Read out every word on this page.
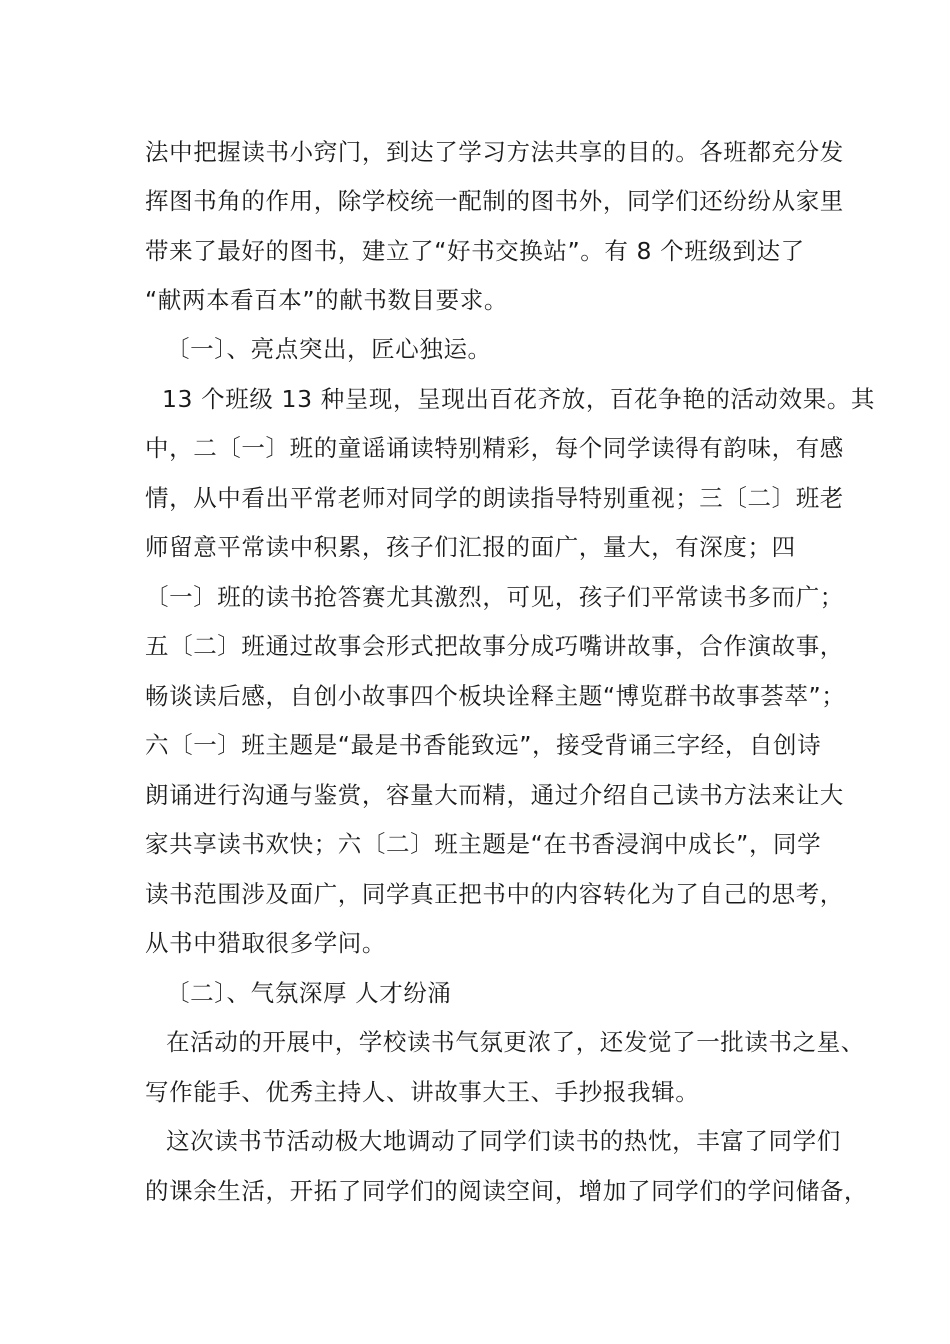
法中把握读书小窍门，到达了学习方法共享的目的。各班都充分发
挥图书角的作用，除学校统一配制的图书外，同学们还纷纷从家里
带来了最好的图书，建立了“好书交换站”。有 8 个班级到达了
“献两本看百本”的献书数目要求。
〔一〕、亮点突出，匠心独运。
13 个班级 13 种呈现，呈现出百花齐放，百花争艳的活动效果。其
中，二〔一〕班的童谣诵读特别精彩，每个同学读得有韵味，有感
情，从中看出平常老师对同学的朗读指导特别重视；三〔二〕班老
师留意平常读中积累，孩子们汇报的面广，量大，有深度；四
〔一〕班的读书抢答赛尤其激烈，可见，孩子们平常读书多而广；
五〔二〕班通过故事会形式把故事分成巧嘴讲故事，合作演故事，
畅谈读后感，自创小故事四个板块诠释主题“博览群书故事荟萃”；
六〔一〕班主题是“最是书香能致远”，接受背诵三字经，自创诗
朗诵进行沟通与鉴赏，容量大而精，通过介绍自己读书方法来让大
家共享读书欢快；六〔二〕班主题是“在书香浸润中成长”，同学
读书范围涉及面广，同学真正把书中的内容转化为了自己的思考，
从书中猎取很多学问。
〔二〕、气氛深厚 人才纷涌
在活动的开展中，学校读书气氛更浓了，还发觉了一批读书之星、
写作能手、优秀主持人、讲故事大王、手抄报我辑。
这次读书节活动极大地调动了同学们读书的热忱，丰富了同学们
的课余生活，开拓了同学们的阅读空间，增加了同学们的学问储备，
